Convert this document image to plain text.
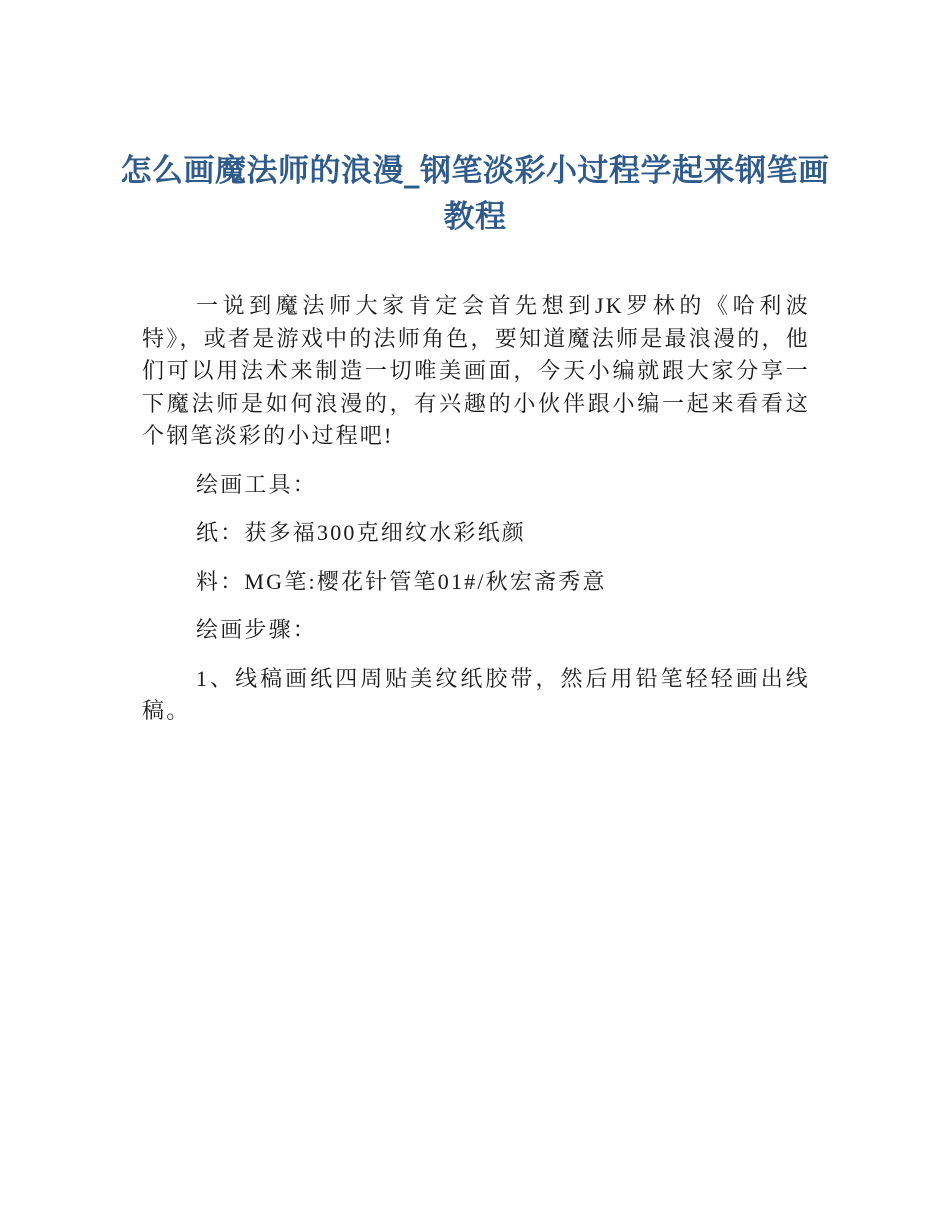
怎么画魔法师的浪漫_钢笔淡彩小过程学起来钢笔画教程

一说到魔法师大家肯定会首先想到JK罗林的《哈利波特》，或者是游戏中的法师角色，要知道魔法师是最浪漫的，他们可以用法术来制造一切唯美画面，今天小编就跟大家分享一下魔法师是如何浪漫的，有兴趣的小伙伴跟小编一起来看看这个钢笔淡彩的小过程吧!

绘画工具：

纸：获多福300克细纹水彩纸颜

料：MG笔:樱花针管笔01#/秋宏斋秀意

绘画步骤：

1、线稿画纸四周贴美纹纸胶带，然后用铅笔轻轻画出线稿。
